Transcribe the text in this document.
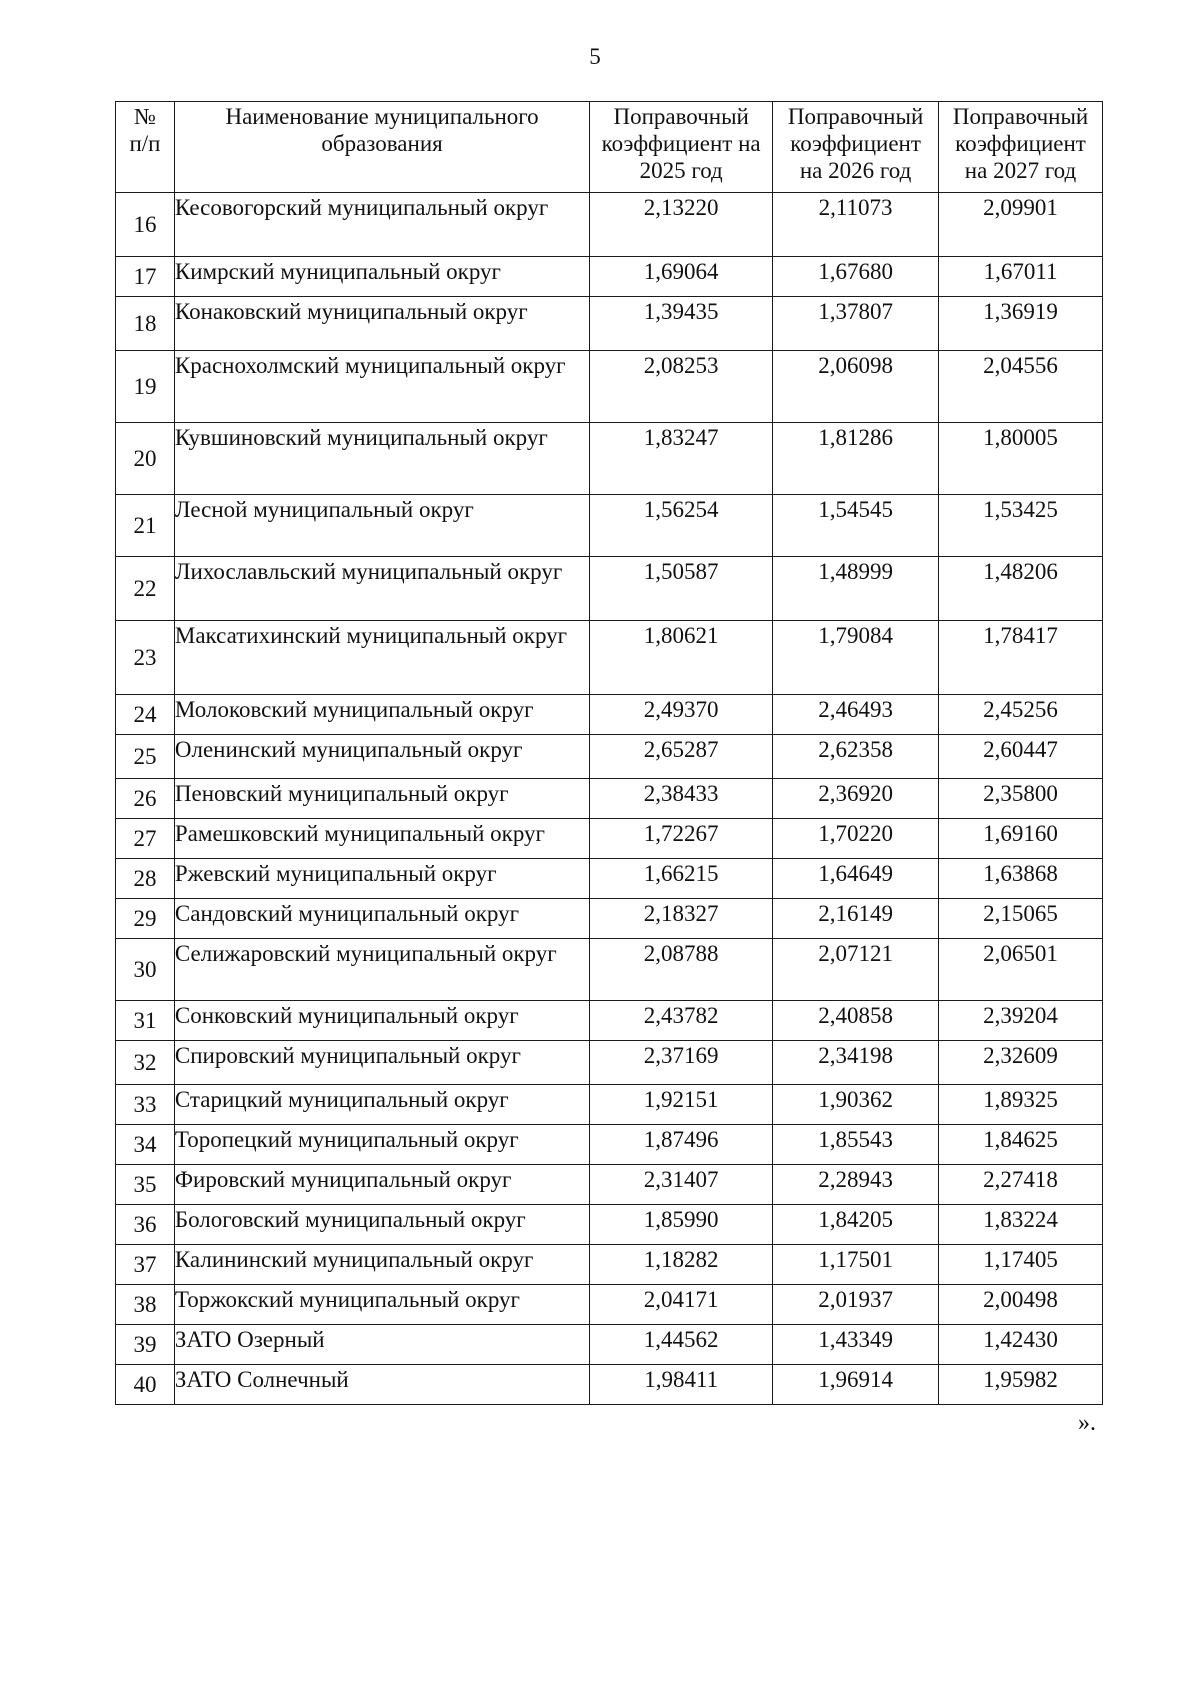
5
№ п/п	Наименование муниципального образования	Поправочный коэффициент на 2025 год	Поправочный коэффициент на 2026 год	Поправочный коэффициент на 2027 год
16	Кесовогорский муниципальный округ	2,13220	2,11073	2,09901
17	Кимрский муниципальный округ	1,69064	1,67680	1,67011
18	Конаковский муниципальный округ	1,39435	1,37807	1,36919
19	Краснохолмский муниципальный округ	2,08253	2,06098	2,04556
20	Кувшиновский муниципальный округ	1,83247	1,81286	1,80005
21	Лесной муниципальный округ	1,56254	1,54545	1,53425
22	Лихославльский муниципальный округ	1,50587	1,48999	1,48206
23	Максатихинский муниципальный округ	1,80621	1,79084	1,78417
24	Молоковский муниципальный округ	2,49370	2,46493	2,45256
25	Оленинский муниципальный округ	2,65287	2,62358	2,60447
26	Пеновский муниципальный округ	2,38433	2,36920	2,35800
27	Рамешковский муниципальный округ	1,72267	1,70220	1,69160
28	Ржевский муниципальный округ	1,66215	1,64649	1,63868
29	Сандовский муниципальный округ	2,18327	2,16149	2,15065
30	Селижаровский муниципальный округ	2,08788	2,07121	2,06501
31	Сонковский муниципальный округ	2,43782	2,40858	2,39204
32	Спировский муниципальный округ	2,37169	2,34198	2,32609
33	Старицкий муниципальный округ	1,92151	1,90362	1,89325
34	Торопецкий муниципальный округ	1,87496	1,85543	1,84625
35	Фировский муниципальный округ	2,31407	2,28943	2,27418
36	Бологовский муниципальный округ	1,85990	1,84205	1,83224
37	Калининский муниципальный округ	1,18282	1,17501	1,17405
38	Торжокский муниципальный округ	2,04171	2,01937	2,00498
39	ЗАТО Озерный	1,44562	1,43349	1,42430
40	ЗАТО Солнечный	1,98411	1,96914	1,95982
».
